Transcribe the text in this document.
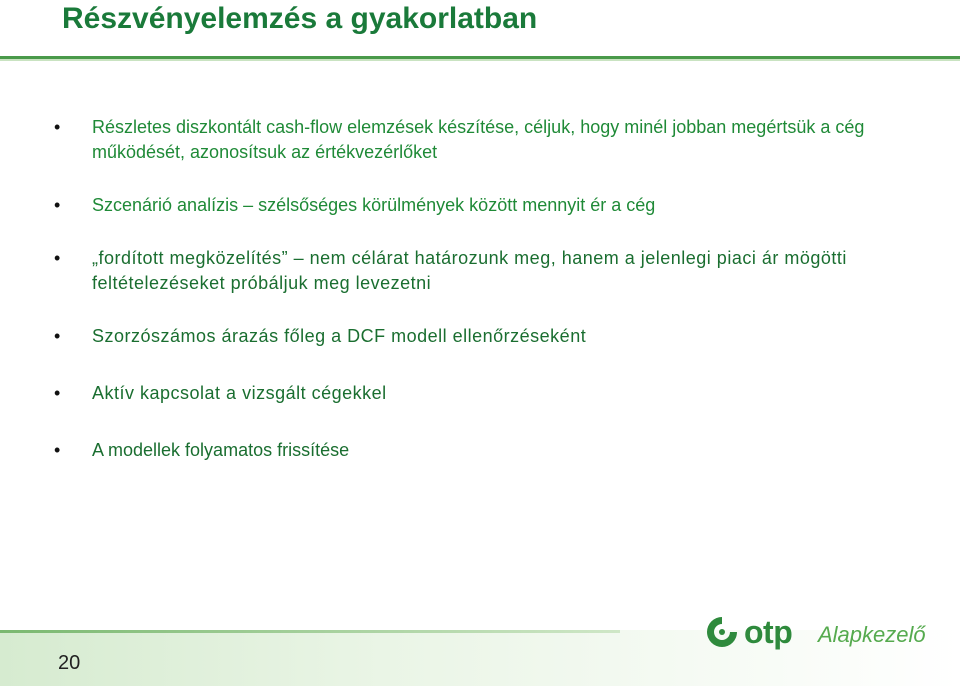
Részvényelemzés a gyakorlatban
• Részletes diszkontált cash-flow elemzések készítése, céljuk, hogy minél jobban megértsük a cég működését, azonosítsuk az értékvezérlőket
• Szcenárió analízis – szélsőséges körülmények között mennyit ér a cég
• „fordított megközelítés” – nem célárat határozunk meg, hanem a jelenlegi piaci ár mögötti feltételezéseket próbáljuk meg levezetni
• Szorzószámos árazás főleg a DCF modell ellenőrzéseként
• Aktív kapcsolat a vizsgált cégekkel
• A modellek folyamatos frissítése
20
otp Alapkezelő
